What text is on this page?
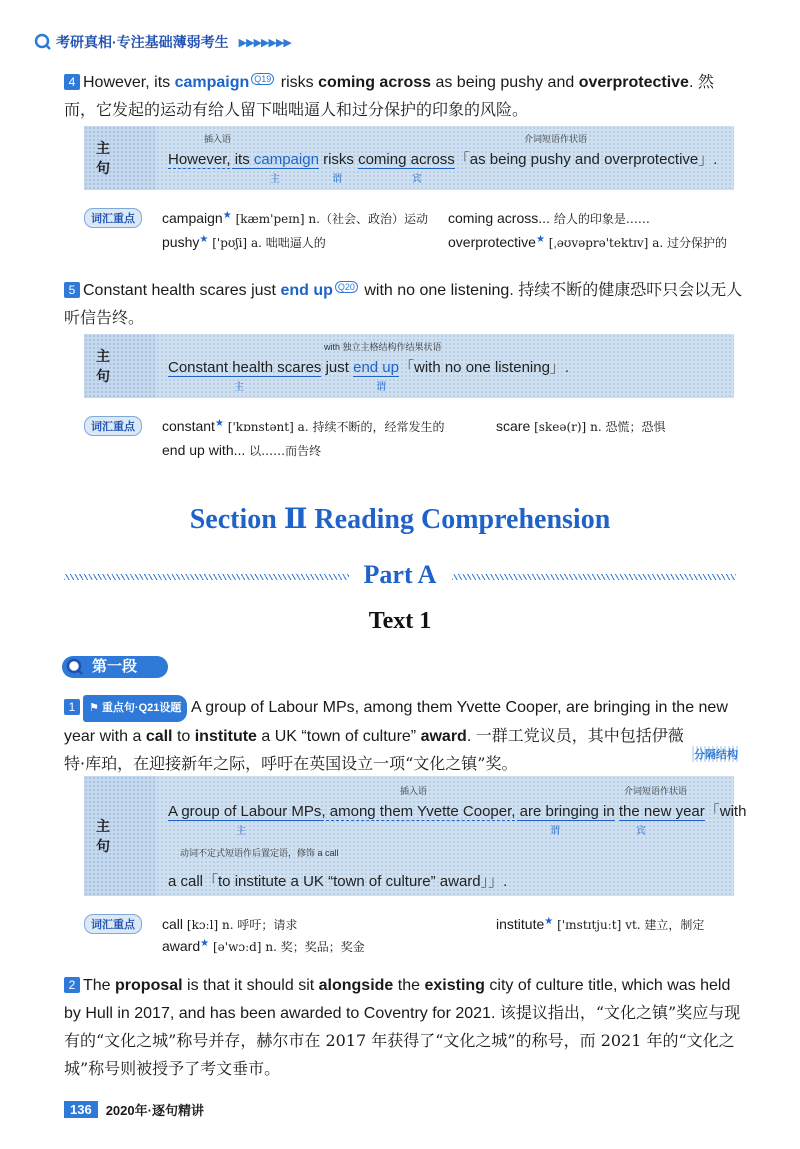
考研真相·专注基础薄弱考生 ▶▶▶▶▶▶▶
4 However, its campaign Q19 risks coming across as being pushy and overprotective. 然而，它发起的运动有给人留下咄咄逼人和过分保护的印象的风险。
主句
插入语	介词短语作状语
However, its campaign risks coming across「as being pushy and overprotective」.
主	谓	宾
词汇重点	campaign★ [kæm'peɪn] n.（社会、政治）运动 coming across... 给人的印象是……
pushy★ ['pʊʃi] a. 咄咄逼人的	overprotective★ [ˌəʊvəprə'tektɪv] a. 过分保护的
5 Constant health scares just end up Q20 with no one listening. 持续不断的健康恐吓只会以无人
听信告终。
主句
with 独立主格结构作结果状语
Constant health scares just end up「with no one listening」.
主	谓
词汇重点	constant★ ['kɒnstənt] a. 持续不断的，经常发生的	scare [skeə(r)] n. 恐慌；恐惧
end up with... 以……而告终
Section Ⅱ Reading Comprehension
Part A
Text 1
第一段
1 ⚑ 重点句·Q21设题 A group of Labour MPs, among them Yvette Cooper, are bringing in the new year with a call to institute a UK “town of culture” award. 一群工党议员，其中包括伊薇
特·库珀，在迎接新年之际，呼吁在英国设立一项“文化之镇”奖。	分隔结构
主句
插入语	介词短语作状语
A group of Labour MPs, among them Yvette Cooper, are bringing in the new year「with
主	谓	宾
动词不定式短语作后置定语，修饰 a call
a call「to institute a UK “town of culture” award」」.
词汇重点	call [kɔːl] n. 呼吁；请求	institute★ ['ɪnstɪtjuːt] vt. 建立，制定
award★ [ə'wɔːd] n. 奖；奖品；奖金
2 The proposal is that it should sit alongside the existing city of culture title, which was held by Hull in 2017, and has been awarded to Coventry for 2021. 该提议指出，“文化之镇”奖应与现有的“文化之城”称号并存，赫尔市在 2017 年获得了“文化之城”的称号，而 2021 年的“文化之城”称号则被授予了考文垂市。
136	2020年·逐句精讲
